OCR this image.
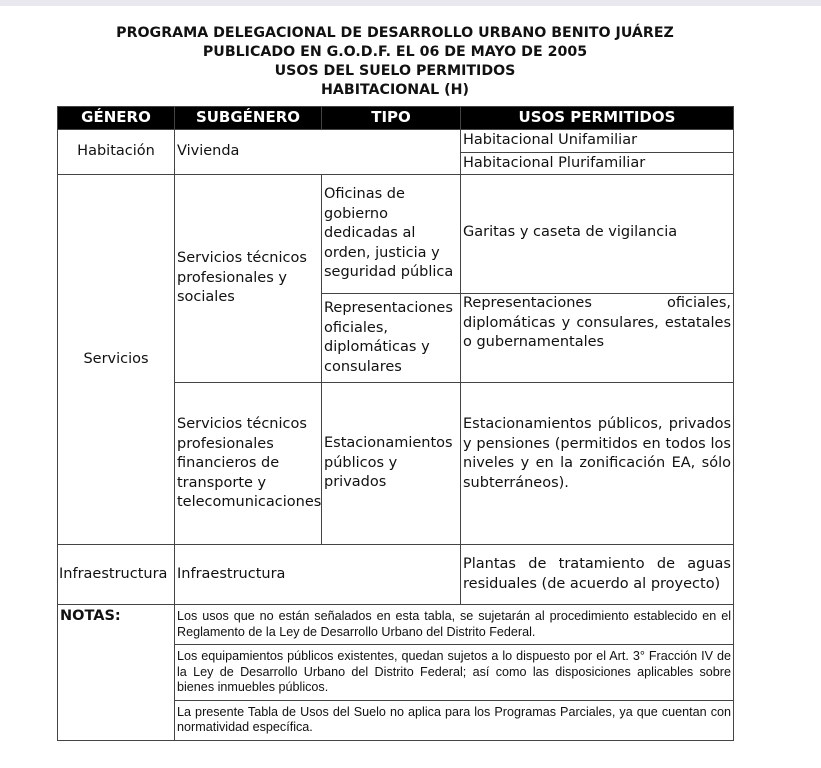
PROGRAMA DELEGACIONAL DE DESARROLLO URBANO BENITO JUÁREZ
PUBLICADO EN G.O.D.F. EL 06 DE MAYO DE 2005
USOS DEL SUELO PERMITIDOS
HABITACIONAL (H)
GÉNERO	SUBGÉNERO	TIPO	USOS PERMITIDOS
Habitación	Vivienda		Habitacional Unifamiliar
			Habitacional Plurifamiliar
Servicios	Servicios técnicos profesionales y sociales	Oficinas de gobierno dedicadas al orden, justicia y seguridad pública	Garitas y caseta de vigilancia
		Representaciones oficiales, diplomáticas y consulares	Representaciones oficiales, diplomáticas y consulares, estatales o gubernamentales
	Servicios técnicos profesionales financieros de transporte y telecomunicaciones	Estacionamientos públicos y privados	Estacionamientos públicos, privados y pensiones (permitidos en todos los niveles y en la zonificación EA, sólo subterráneos).
Infraestructura	Infraestructura		Plantas de tratamiento de aguas residuales (de acuerdo al proyecto)
NOTAS:	Los usos que no están señalados en esta tabla, se sujetarán al procedimiento establecido en el Reglamento de la Ley de Desarrollo Urbano del Distrito Federal.		
	Los equipamientos públicos existentes, quedan sujetos a lo dispuesto por el Art. 3° Fracción IV de la Ley de Desarrollo Urbano del Distrito Federal; así como las disposiciones aplicables sobre bienes inmuebles públicos.		
	La presente Tabla de Usos del Suelo no aplica para los Programas Parciales, ya que cuentan con normatividad específica.		
